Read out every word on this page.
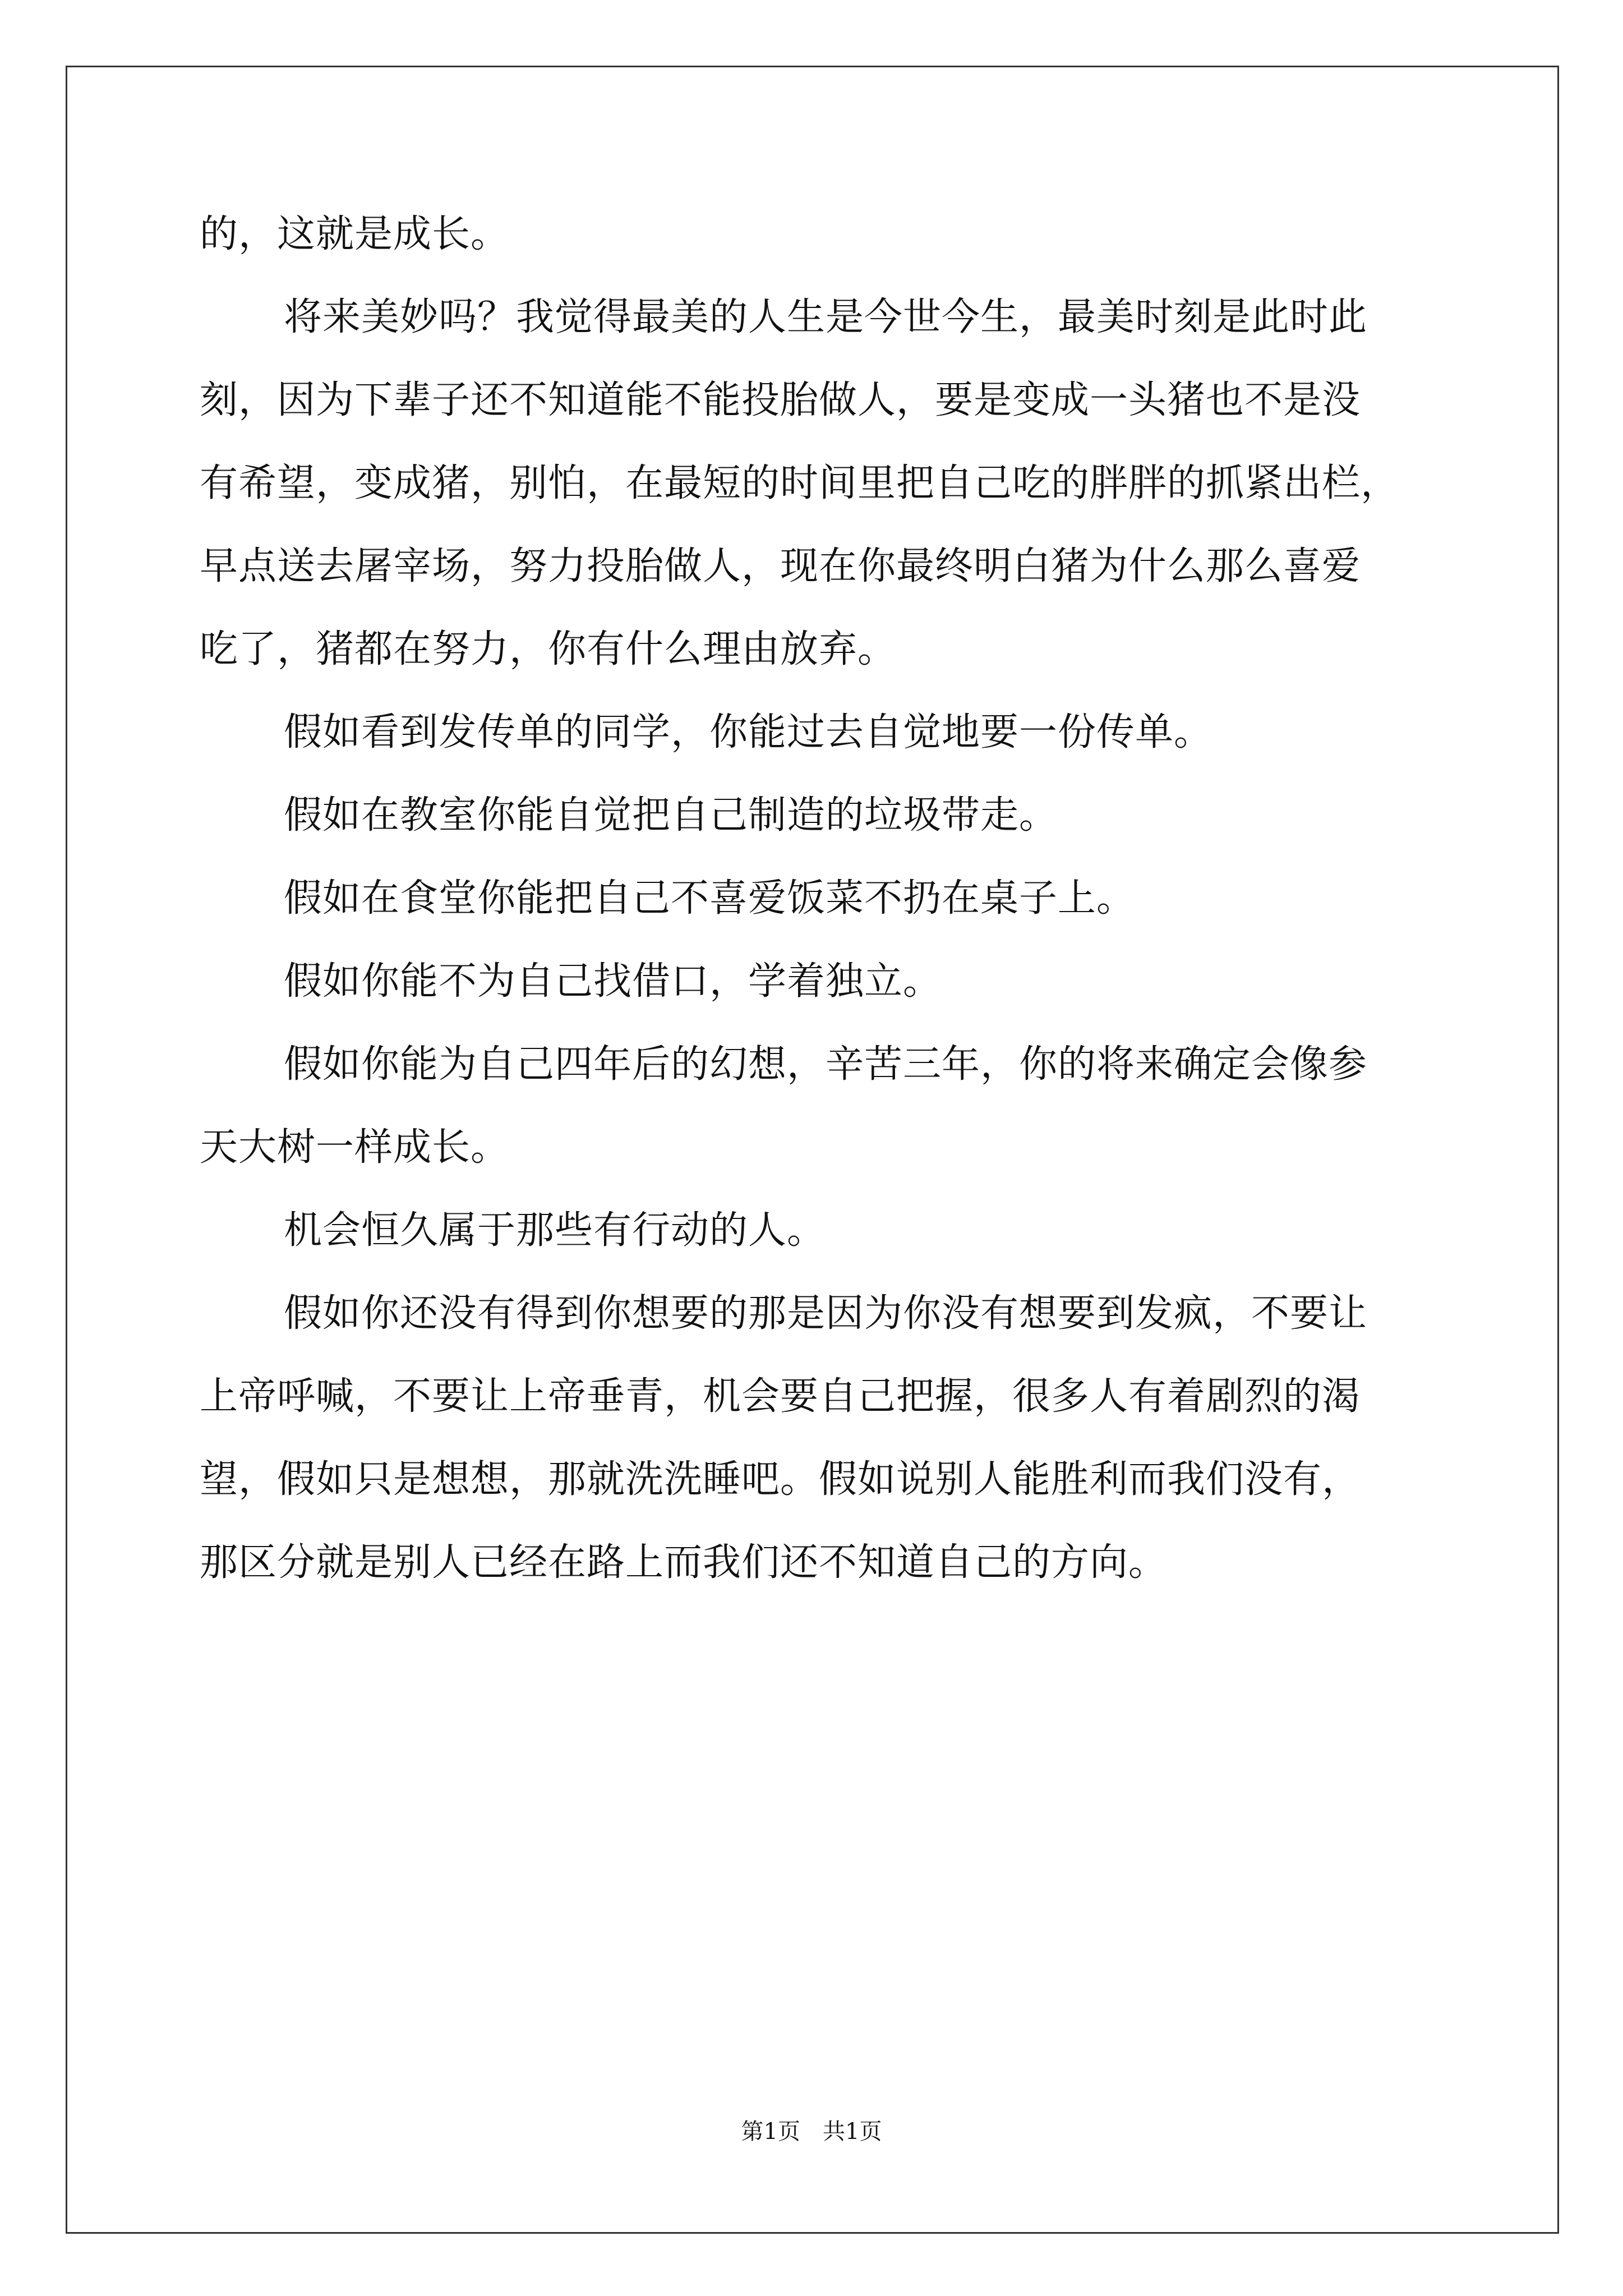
的，这就是成长。
将来美妙吗？我觉得最美的人生是今世今生，最美时刻是此时此
刻，因为下辈子还不知道能不能投胎做人，要是变成一头猪也不是没
有希望，变成猪，别怕，在最短的时间里把自己吃的胖胖的抓紧出栏，
早点送去屠宰场，努力投胎做人，现在你最终明白猪为什么那么喜爱
吃了，猪都在努力，你有什么理由放弃。
假如看到发传单的同学，你能过去自觉地要一份传单。
假如在教室你能自觉把自己制造的垃圾带走。
假如在食堂你能把自己不喜爱饭菜不扔在桌子上。
假如你能不为自己找借口，学着独立。
假如你能为自己四年后的幻想，辛苦三年，你的将来确定会像参
天大树一样成长。
机会恒久属于那些有行动的人。
假如你还没有得到你想要的那是因为你没有想要到发疯，不要让
上帝呼喊，不要让上帝垂青，机会要自己把握，很多人有着剧烈的渴
望，假如只是想想，那就洗洗睡吧。假如说别人能胜利而我们没有，
那区分就是别人已经在路上而我们还不知道自己的方向。
第1页 共1页
